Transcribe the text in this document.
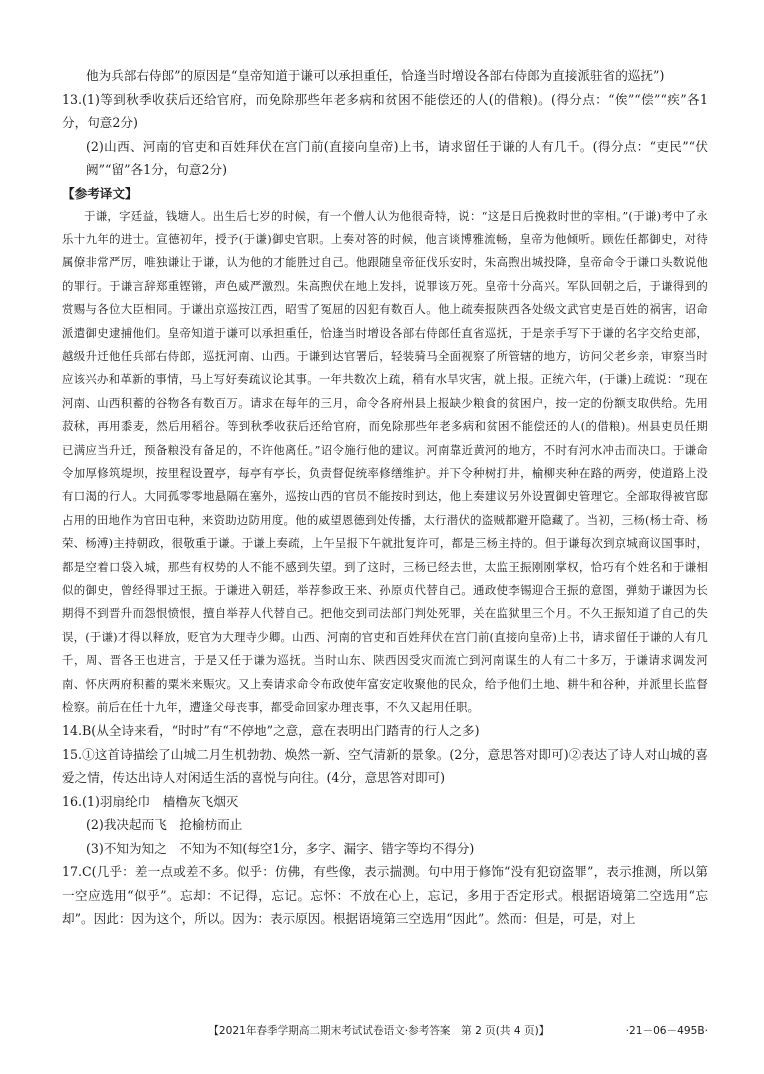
他为兵部右侍郎”的原因是“皇帝知道于谦可以承担重任，恰逢当时增设各部右侍郎为直接派驻省的巡抚”)

13.(1)等到秋季收获后还给官府，而免除那些年老多病和贫困不能偿还的人(的借粮)。(得分点：“俟”“偿”“疾”各1分，句意2分)

(2)山西、河南的官吏和百姓拜伏在宫门前(直接向皇帝)上书，请求留任于谦的人有几千。(得分点：“吏民”“伏阙”“留”各1分，句意2分)

【参考译文】

于谦，字廷益，钱塘人。出生后七岁的时候，有一个僧人认为他很奇特，说：“这是日后挽救时世的宰相。”(于谦)考中了永乐十九年的进士。宣德初年，授予(于谦)御史官职。上奏对答的时候，他言谈博雅流畅，皇帝为他倾听。顾佐任都御史，对待属僚非常严厉，唯独谦让于谦，认为他的才能胜过自己。他跟随皇帝征伐乐安时，朱高煦出城投降，皇帝命令于谦口头数说他的罪行。于谦言辞郑重铿锵，声色威严激烈。朱高煦伏在地上发抖，说罪该万死。皇帝十分高兴。军队回朝之后，于谦得到的赏赐与各位大臣相同。于谦出京巡按江西，昭雪了冤屈的囚犯有数百人。他上疏奏报陕西各处级文武官吏是百姓的祸害，诏命派遣御史逮捕他们。皇帝知道于谦可以承担重任，恰逢当时增设各部右侍郎任直省巡抚，于是亲手写下于谦的名字交给吏部，越级升迁他任兵部右侍郎，巡抚河南、山西。于谦到达官署后，轻装骑马全面视察了所管辖的地方，访问父老乡亲，审察当时应该兴办和革新的事情，马上写好奏疏议论其事。一年共数次上疏，稍有水旱灾害，就上报。正统六年，(于谦)上疏说：“现在河南、山西积蓄的谷物各有数百万。请求在每年的三月，命令各府州县上报缺少粮食的贫困户，按一定的份额支取供给。先用菽秫，再用黍麦，然后用稻谷。等到秋季收获后还给官府，而免除那些年老多病和贫困不能偿还的人(的借粮)。州县吏员任期已满应当升迁，预备粮没有备足的，不许他离任。”诏令施行他的建议。河南靠近黄河的地方，不时有河水冲击而决口。于谦命令加厚修筑堤坝，按里程设置亭，每亭有亭长，负责督促统率修缮维护。并下令种树打井，榆柳夹种在路的两旁，使道路上没有口渴的行人。大同孤零零地悬隔在塞外，巡按山西的官员不能按时到达，他上奏建议另外设置御史管理它。全部取得被官邸占用的田地作为官田屯种，来资助边防用度。他的威望恩德到处传播，太行潜伏的盗贼都避开隐藏了。当初，三杨(杨士奇、杨荣、杨溥)主持朝政，很敬重于谦。于谦上奏疏，上午呈报下午就批复许可，都是三杨主持的。但于谦每次到京城商议国事时，都是空着口袋入城，那些有权势的人不能不感到失望。到了这时，三杨已经去世，太监王振刚刚掌权，恰巧有个姓名和于谦相似的御史，曾经得罪过王振。于谦进入朝廷，举荐参政王来、孙原贞代替自己。通政使李锡迎合王振的意图，弹劾于谦因为长期得不到晋升而怨恨愤恨，擅自举荐人代替自己。把他交到司法部门判处死罪，关在监狱里三个月。不久王振知道了自己的失误，(于谦)才得以释放，贬官为大理寺少卿。山西、河南的官吏和百姓拜伏在宫门前(直接向皇帝)上书，请求留任于谦的人有几千，周、晋各王也进言，于是又任于谦为巡抚。当时山东、陕西因受灾而流亡到河南谋生的人有二十多万，于谦请求调发河南、怀庆两府积蓄的粟米来赈灾。又上奏请求命令布政使年富安定收聚他的民众，给予他们土地、耕牛和谷种，并派里长监督检察。前后在任十九年，遭逢父母丧事，都受命回家办理丧事，不久又起用任职。

14.B(从全诗来看，“时时”有“不停地”之意，意在表明出门踏青的行人之多)

15.①这首诗描绘了山城二月生机勃勃、焕然一新、空气清新的景象。(2分，意思答对即可)②表达了诗人对山城的喜爱之情，传达出诗人对闲适生活的喜悦与向往。(4分，意思答对即可)

16.(1)羽扇纶巾　樯橹灰飞烟灭

(2)我决起而飞　抢榆枋而止

(3)不知为知之　不知为不知(每空1分，多字、漏字、错字等均不得分)

17.C(几乎：差一点或差不多。似乎：仿佛，有些像，表示揣测。句中用于修饰“没有犯窃盗罪”，表示推测，所以第一空应选用“似乎”。忘却：不记得，忘记。忘怀：不放在心上，忘记，多用于否定形式。根据语境第二空选用“忘却”。因此：因为这个，所以。因为：表示原因。根据语境第三空选用“因此”。然而：但是，可是，对上

【2021年春季学期高二期末考试试卷语文·参考答案　第 2 页(共 4 页)】	·21－06－495B·
